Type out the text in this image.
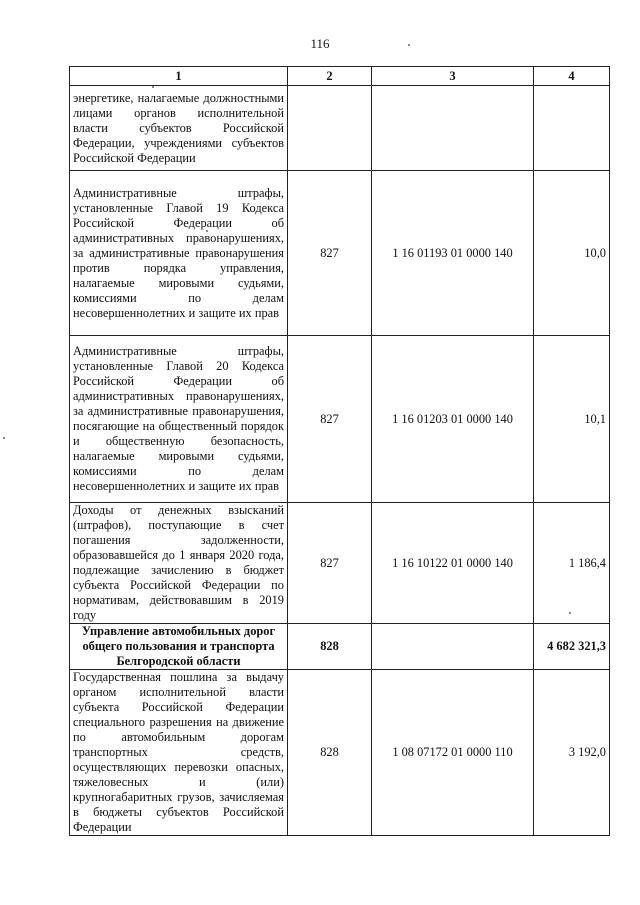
116
1	2	3	4
энергетике, налагаемые должностными лицами органов исполнительной власти субъектов Российской Федерации, учреждениями субъектов Российской Федерации			
Административные штрафы, установленные Главой 19 Кодекса Российской Федерации об административных правонарушениях, за административные правонарушения против порядка управления, налагаемые мировыми судьями, комиссиями по делам несовершеннолетних и защите их прав	827	1 16 01193 01 0000 140	10,0
Административные штрафы, установленные Главой 20 Кодекса Российской Федерации об административных правонарушениях, за административные правонарушения, посягающие на общественный порядок и общественную безопасность, налагаемые мировыми судьями, комиссиями по делам несовершеннолетних и защите их прав	827	1 16 01203 01 0000 140	10,1
Доходы от денежных взысканий (штрафов), поступающие в счет погашения задолженности, образовавшейся до 1 января 2020 года, подлежащие зачислению в бюджет субъекта Российской Федерации по нормативам, действовавшим в 2019 году	827	1 16 10122 01 0000 140	1 186,4
Управление автомобильных дорог общего пользования и транспорта Белгородской области	828		4 682 321,3
Государственная пошлина за выдачу органом исполнительной власти субъекта Российской Федерации специального разрешения на движение по автомобильным дорогам транспортных средств, осуществляющих перевозки опасных, тяжеловесных и (или) крупногабаритных грузов, зачисляемая в бюджеты субъектов Российской Федерации	828	1 08 07172 01 0000 110	3 192,0
